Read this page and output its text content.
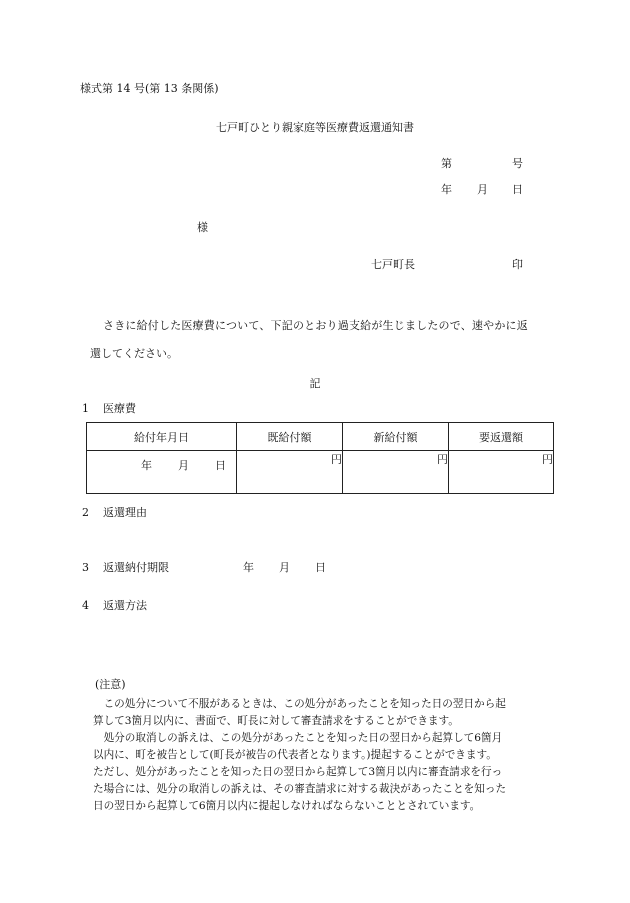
様式第 14 号(第 13 条関係)
七戸町ひとり親家庭等医療費返還通知書
第	号
年 月 日
様
七戸町長	印
さきに給付した医療費について、下記のとおり過支給が生じましたので、速やかに返
還してください。
記
1 医療費
給付年月日	既給付額	新給付額	要返還額

年 月 日	円	円	円
2 返還理由
3 返還納付期限	年 月 日
4 返還方法
(注意)
　この処分について不服があるときは、この処分があったことを知った日の翌日から起
算して3箇月以内に、書面で、町長に対して審査請求をすることができます。
　処分の取消しの訴えは、この処分があったことを知った日の翌日から起算して6箇月
以内に、町を被告として(町長が被告の代表者となります。)提起することができます。
ただし、処分があったことを知った日の翌日から起算して3箇月以内に審査請求を行っ
た場合には、処分の取消しの訴えは、その審査請求に対する裁決があったことを知った
日の翌日から起算して6箇月以内に提起しなければならないこととされています。
